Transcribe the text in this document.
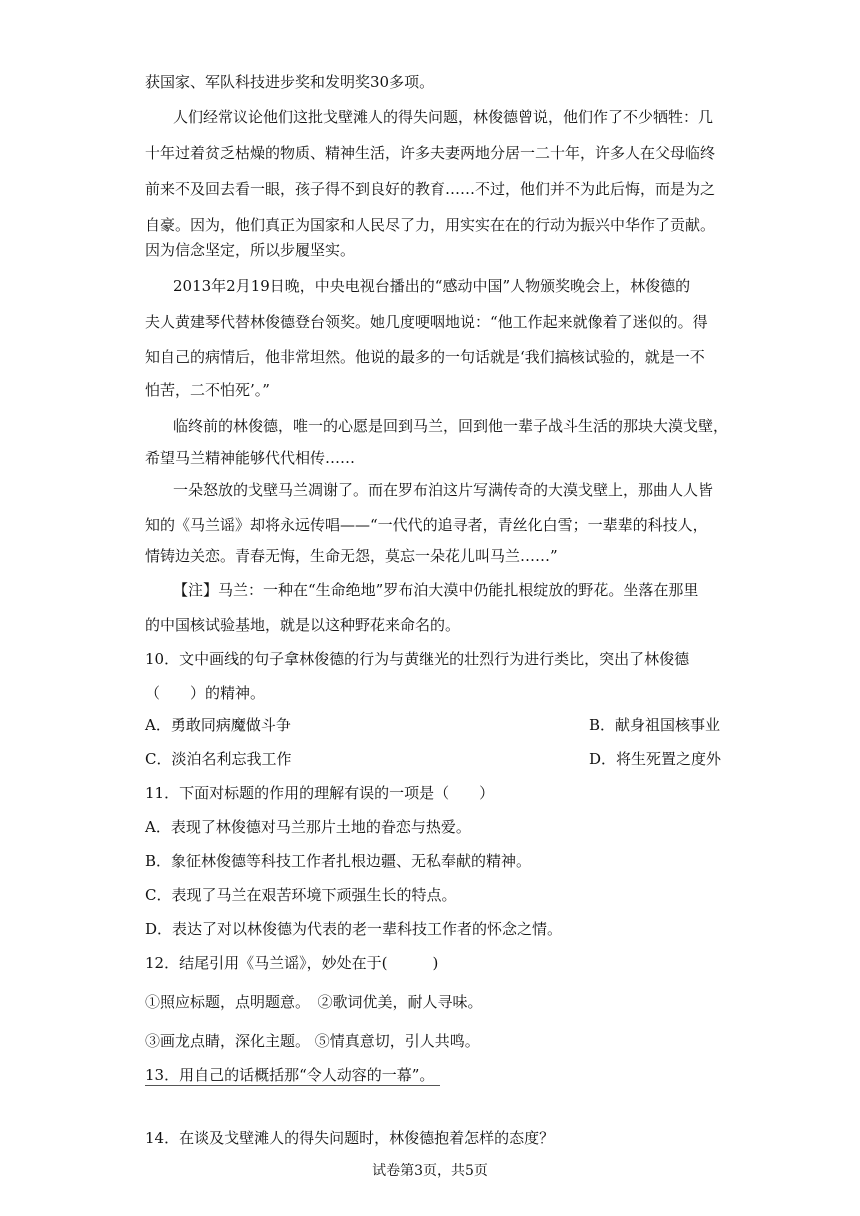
获国家、军队科技进步奖和发明奖30多项。
人们经常议论他们这批戈壁滩人的得失问题，林俊德曾说，他们作了不少牺牲：几
十年过着贫乏枯燥的物质、精神生活，许多夫妻两地分居一二十年，许多人在父母临终
前来不及回去看一眼，孩子得不到良好的教育……不过，他们并不为此后悔，而是为之
自豪。因为，他们真正为国家和人民尽了力，用实实在在的行动为振兴中华作了贡献。
因为信念坚定，所以步履坚实。
2013年2月19日晚，中央电视台播出的“感动中国”人物颁奖晚会上，林俊德的
夫人黄建琴代替林俊德登台领奖。她几度哽咽地说：“他工作起来就像着了迷似的。得
知自己的病情后，他非常坦然。他说的最多的一句话就是‘我们搞核试验的，就是一不
怕苦，二不怕死’。”
临终前的林俊德，唯一的心愿是回到马兰，回到他一辈子战斗生活的那块大漠戈壁，
希望马兰精神能够代代相传……
一朵怒放的戈壁马兰凋谢了。而在罗布泊这片写满传奇的大漠戈壁上，那曲人人皆
知的《马兰谣》却将永远传唱——“一代代的追寻者，青丝化白雪；一辈辈的科技人，
情铸边关恋。青春无悔，生命无怨，莫忘一朵花儿叫马兰……”
【注】马兰：一种在“生命绝地”罗布泊大漠中仍能扎根绽放的野花。坐落在那里
的中国核试验基地，就是以这种野花来命名的。
10．文中画线的句子拿林俊德的行为与黄继光的壮烈行为进行类比，突出了林俊德
（　　）的精神。
A．勇敢同病魔做斗争	B．献身祖国核事业
C．淡泊名利忘我工作	D．将生死置之度外
11．下面对标题的作用的理解有误的一项是（　　）
A．表现了林俊德对马兰那片土地的眷恋与热爱。
B．象征林俊德等科技工作者扎根边疆、无私奉献的精神。
C．表现了马兰在艰苦环境下顽强生长的特点。
D．表达了对以林俊德为代表的老一辈科技工作者的怀念之情。
12．结尾引用《马兰谣》，妙处在于(　　　)
①照应标题，点明题意。　②歌词优美，耐人寻味。
③画龙点睛，深化主题。 ⑤情真意切，引人共鸣。
13．用自己的话概括那“令人动容的一幕”。
14．在谈及戈壁滩人的得失问题时，林俊德抱着怎样的态度？
试卷第3页，共5页
